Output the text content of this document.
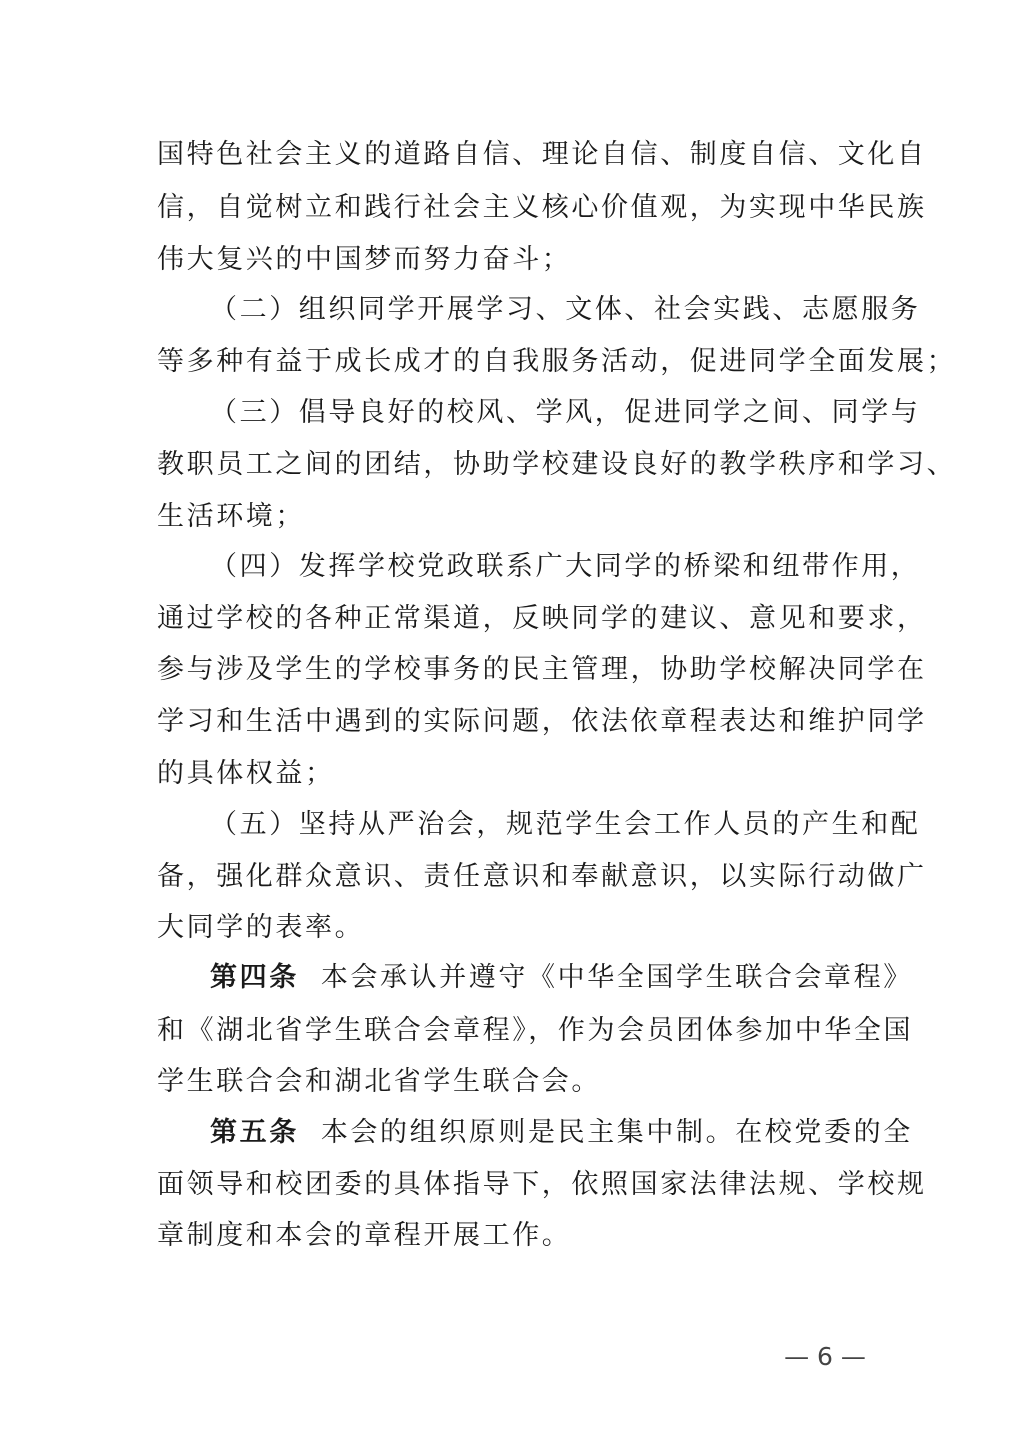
国特色社会主义的道路自信、理论自信、制度自信、文化自
信，自觉树立和践行社会主义核心价值观，为实现中华民族
伟大复兴的中国梦而努力奋斗；
（二）组织同学开展学习、文体、社会实践、志愿服务
等多种有益于成长成才的自我服务活动，促进同学全面发展；
（三）倡导良好的校风、学风，促进同学之间、同学与
教职员工之间的团结，协助学校建设良好的教学秩序和学习、
生活环境；
（四）发挥学校党政联系广大同学的桥梁和纽带作用，
通过学校的各种正常渠道，反映同学的建议、意见和要求，
参与涉及学生的学校事务的民主管理，协助学校解决同学在
学习和生活中遇到的实际问题，依法依章程表达和维护同学
的具体权益；
（五）坚持从严治会，规范学生会工作人员的产生和配
备，强化群众意识、责任意识和奉献意识，以实际行动做广
大同学的表率。
第四条 本会承认并遵守《中华全国学生联合会章程》
和《湖北省学生联合会章程》，作为会员团体参加中华全国
学生联合会和湖北省学生联合会。
第五条 本会的组织原则是民主集中制。在校党委的全
面领导和校团委的具体指导下，依照国家法律法规、学校规
章制度和本会的章程开展工作。
— 6 —
